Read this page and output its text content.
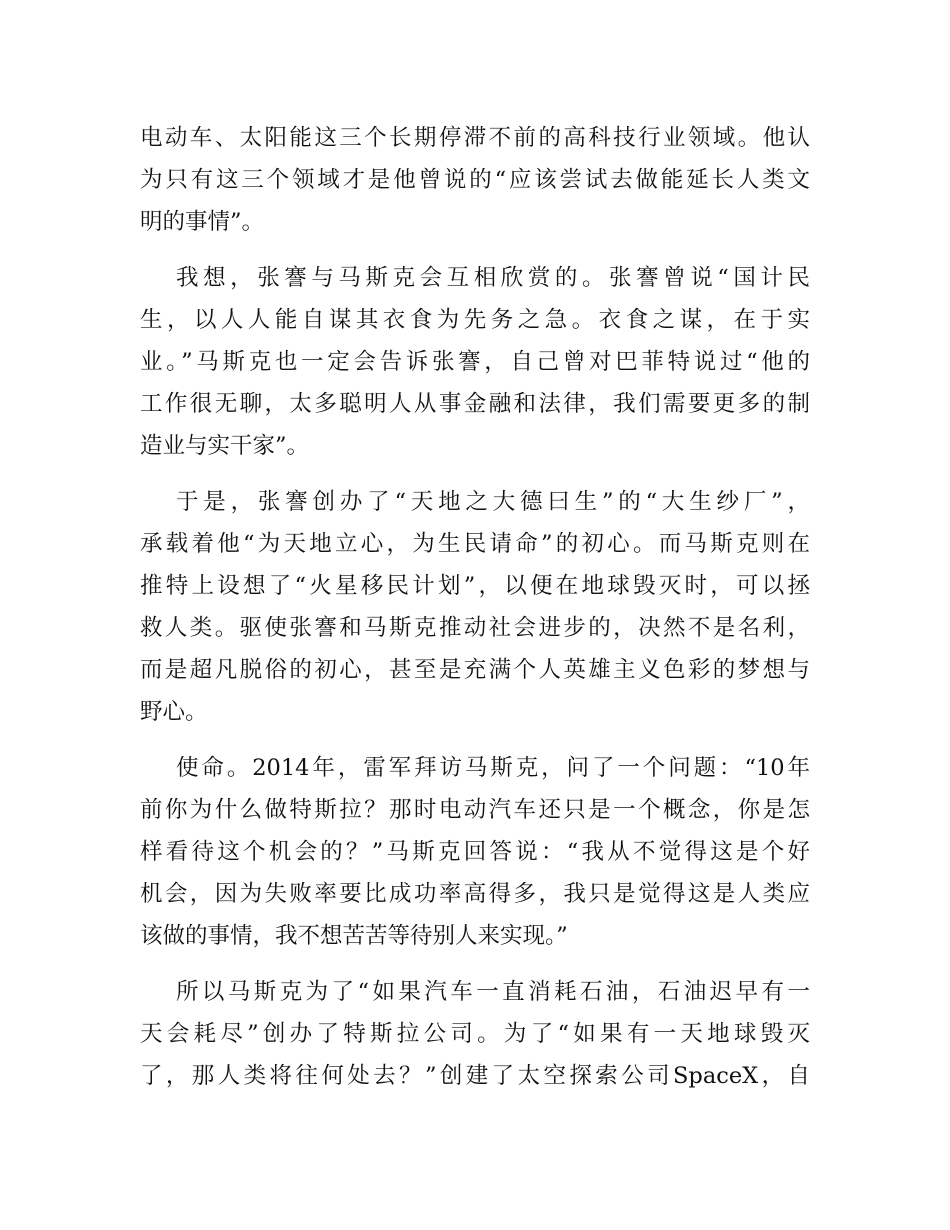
电动车、太阳能这三个长期停滞不前的高科技行业领域。他认
为只有这三个领域才是他曾说的“应该尝试去做能延长人类文
明的事情”。
我想，张謇与马斯克会互相欣赏的。张謇曾说“国计民
生，以人人能自谋其衣食为先务之急。衣食之谋，在于实
业。”马斯克也一定会告诉张謇，自己曾对巴菲特说过“他的
工作很无聊，太多聪明人从事金融和法律，我们需要更多的制
造业与实干家”。
于是，张謇创办了“天地之大德曰生”的“大生纱厂”，
承载着他“为天地立心，为生民请命”的初心。而马斯克则在
推特上设想了“火星移民计划”，以便在地球毁灭时，可以拯
救人类。驱使张謇和马斯克推动社会进步的，决然不是名利，
而是超凡脱俗的初心，甚至是充满个人英雄主义色彩的梦想与
野心。
使命。2014年，雷军拜访马斯克，问了一个问题：“10年
前你为什么做特斯拉？那时电动汽车还只是一个概念，你是怎
样看待这个机会的？”马斯克回答说：“我从不觉得这是个好
机会，因为失败率要比成功率高得多，我只是觉得这是人类应
该做的事情，我不想苦苦等待别人来实现。”
所以马斯克为了“如果汽车一直消耗石油，石油迟早有一
天会耗尽”创办了特斯拉公司。为了“如果有一天地球毁灭
了，那人类将往何处去？”创建了太空探索公司SpaceX，自
